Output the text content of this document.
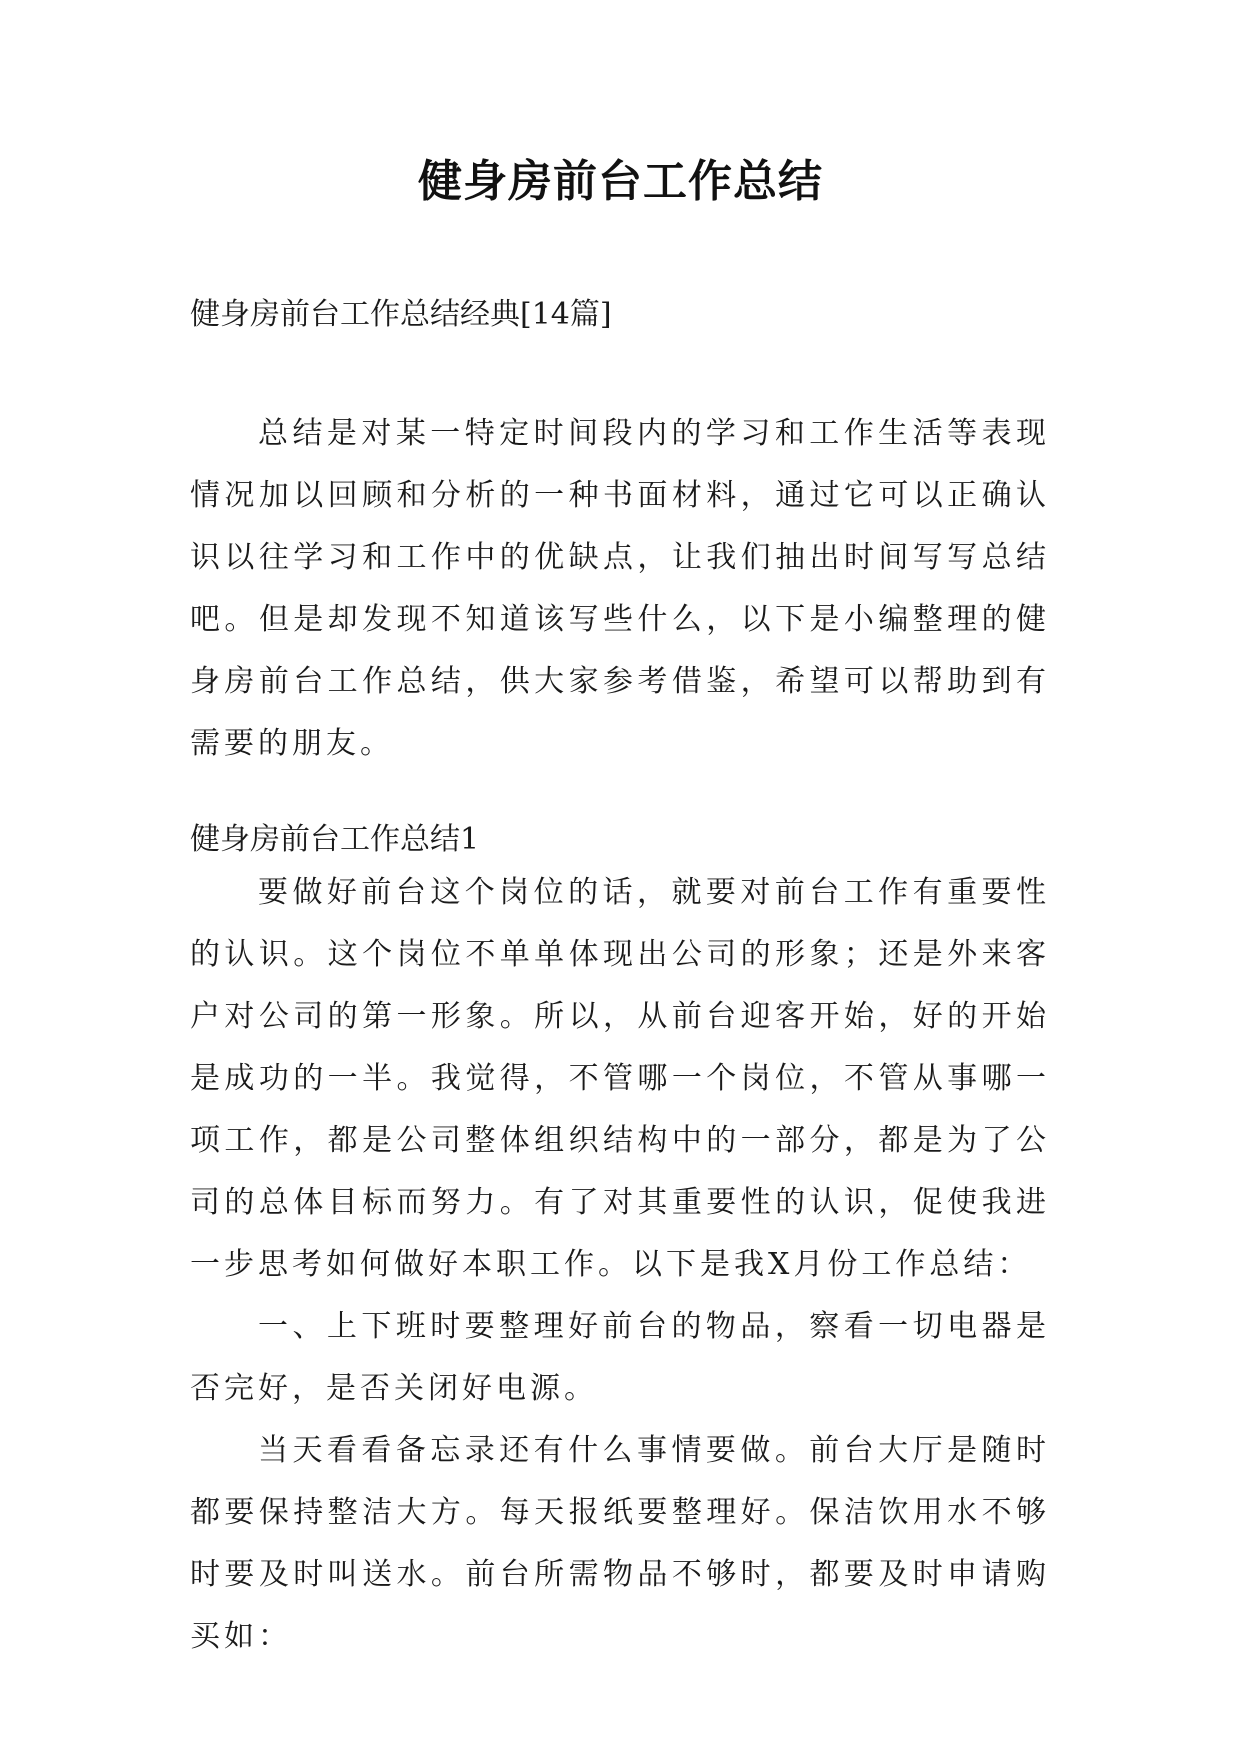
健身房前台工作总结
健身房前台工作总结经典[14篇]

总结是对某一特定时间段内的学习和工作生活等表现情况加以回顾和分析的一种书面材料，通过它可以正确认识以往学习和工作中的优缺点，让我们抽出时间写写总结吧。但是却发现不知道该写些什么，以下是小编整理的健身房前台工作总结，供大家参考借鉴，希望可以帮助到有需要的朋友。

健身房前台工作总结1

要做好前台这个岗位的话，就要对前台工作有重要性的认识。这个岗位不单单体现出公司的形象；还是外来客户对公司的第一形象。所以，从前台迎客开始，好的开始是成功的一半。我觉得，不管哪一个岗位，不管从事哪一项工作，都是公司整体组织结构中的一部分，都是为了公司的总体目标而努力。有了对其重要性的认识，促使我进一步思考如何做好本职工作。以下是我X月份工作总结：

一、上下班时要整理好前台的物品，察看一切电器是否完好，是否关闭好电源。

当天看看备忘录还有什么事情要做。前台大厅是随时都要保持整洁大方。每天报纸要整理好。保洁饮用水不够时要及时叫送水。前台所需物品不够时，都要及时申请购买如：
